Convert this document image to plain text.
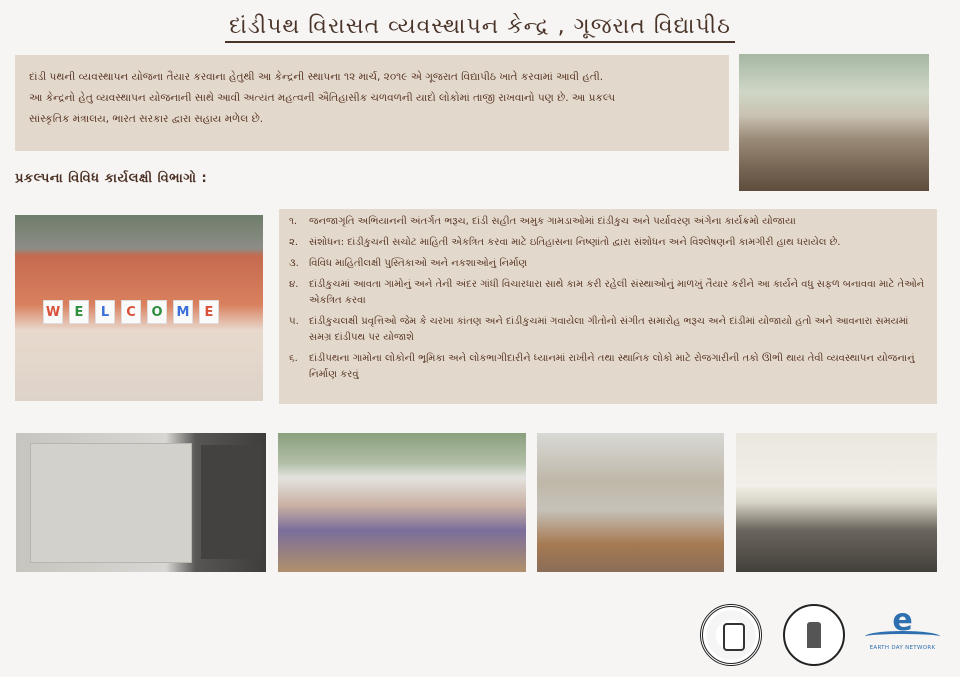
દાંડીપથ વિરાસત વ્યવસ્થાપન કેન્દ્ર , ગૂજરાત વિદ્યાપીઠ
દાંડી પથની વ્યવસ્થાપન યોજના તૈયાર કરવાના હેતુથી આ કેન્દ્રની સ્થાપના ૧૨ માર્ચ, ૨૦૧૯ એ ગૂજરાત વિદ્યાપીઠ ખાતે કરવામાં આવી હતી.
આ કેન્દ્રનો હેતુ વ્યવસ્થાપન યોજનાની સાથે આવી અત્યંત મહત્વની ઐતિહાસીક ચળવળની યાદો લોકોમાં તાજી રાખવાનો પણ છે. આ પ્રકલ્પ
સાંસ્કૃતિક મંત્રાલય, ભારત સરકાર દ્વારા સહાય મળેલ છે.
પ્રકલ્પના વિવિધ કાર્યલક્ષી વિભાગો :
W	E	L	C	O	M	E
૧.	જનજાગૃતિ અભિયાનની અંતર્ગત ભરૂચ, દાંડી સહીત અમુક ગામડાઓમાં દાંડીકુચ અને પર્યાવરણ અંગેના કાર્યક્રમો યોજાયા
૨.	સંશોધન: દાંડીકુચની સચોટ માહિતી એકત્રિત કરવા માટે ઇતિહાસના નિષ્ણાંતો દ્વારા સંશોધન અને વિશ્લેષણની કામગીરી હાથ ધરાયેલ છે.
૩.	વિવિધ માહિતીલક્ષી પુસ્તિકાઓ અને નકશાઓનું નિર્માણ
૪.	દાંડીકુચમાં આવતા ગામોનું અને તેની અંદર ગાંધી વિચારધારા સાથે કામ કરી રહેલી સંસ્થાઓનું માળખું તૈયાર કરીને આ કાર્યને વધુ સફળ બનાવવા માટે તેઓને એકત્રિત કરવા
૫.	દાંડીકુચલક્ષી પ્રવૃત્તિઓ જેમ કે ચરખા કાંતણ અને દાંડીકુચમાં ગવાયેલા ગીતોનો સંગીત સમારોહ ભરૂચ અને દાંડીમાં યોજાયો હતો અને આવનારા સમયમાં સમગ્ર દાંડીપથ પર યોજાશે
૬.	દાંડીપથના ગામોના લોકોની ભૂમિકા અને લોકભાગીદારીને ધ્યાનમાં રાખીને તથા સ્થાનિક લોકો માટે રોજગારીની તકો ઊભી થાય તેવી વ્યવસ્થાપન યોજનાનું નિર્માણ કરવું
e
EARTH DAY NETWORK
